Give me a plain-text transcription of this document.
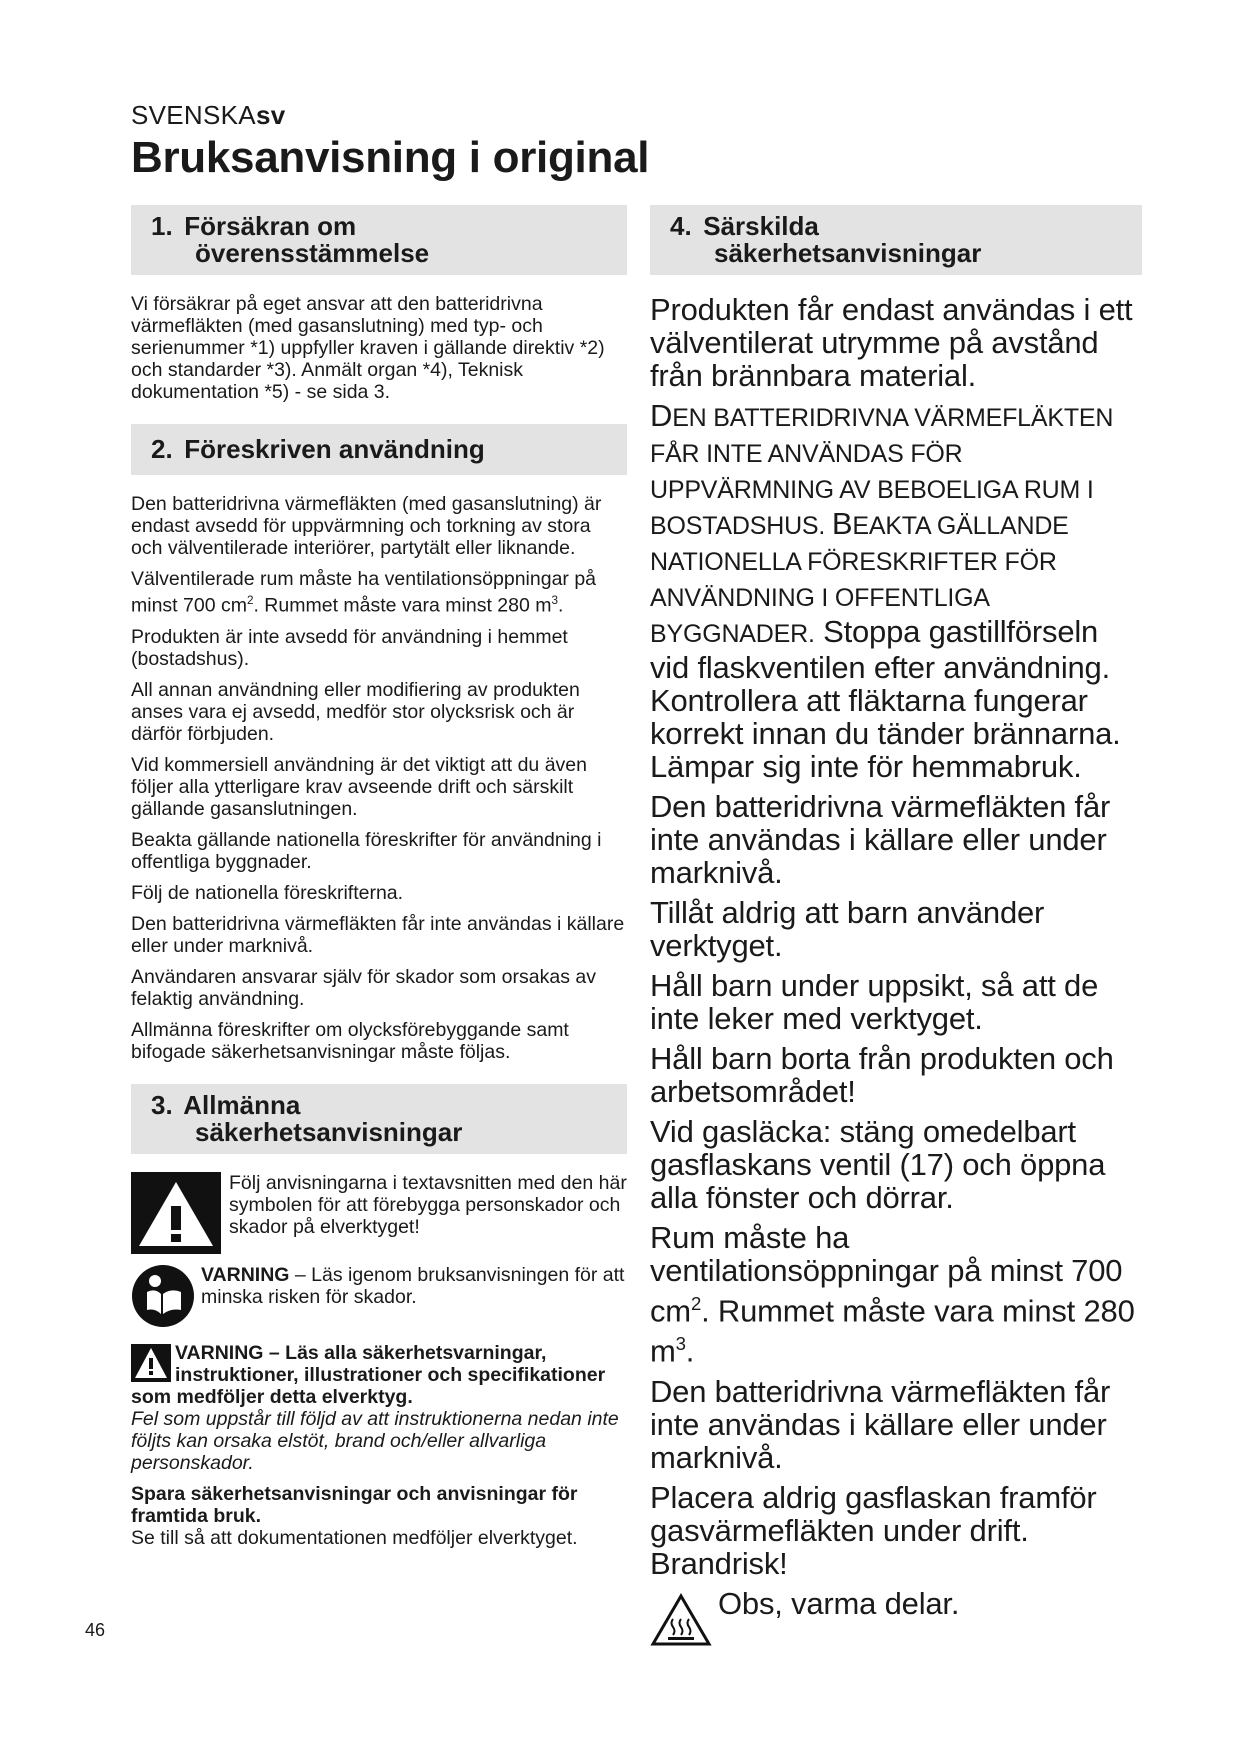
SVENSKAsv
Bruksanvisning i original
1. Försäkran om
överensstämmelse

Vi försäkrar på eget ansvar att den batteridrivna värmefläkten (med gasanslutning) med typ- och serienummer *1) uppfyller kraven i gällande direktiv *2) och standarder *3). Anmält organ *4), Teknisk dokumentation *5) - se sida 3.

2. Föreskriven användning

Den batteridrivna värmefläkten (med gasanslutning) är endast avsedd för uppvärmning och torkning av stora och välventilerade interiörer, partytält eller liknande.

Välventilerade rum måste ha ventilationsöppningar på minst 700 $cm^2$. Rummet måste vara minst 280 $m^3$.

Produkten är inte avsedd för användning i hemmet (bostadshus).

All annan användning eller modifiering av produkten anses vara ej avsedd, medför stor olycksrisk och är därför förbjuden.

Vid kommersiell användning är det viktigt att du även följer alla ytterligare krav avseende drift och särskilt gällande gasanslutningen.

Beakta gällande nationella föreskrifter för användning i offentliga byggnader.

Följ de nationella föreskrifterna.

Den batteridrivna värmefläkten får inte användas i källare eller under marknivå.

Användaren ansvarar själv för skador som orsakas av felaktig användning.

Allmänna föreskrifter om olycksförebyggande samt bifogade säkerhetsanvisningar måste följas.

3. Allmänna
säkerhetsanvisningar
Följ anvisningarna i textavsnitten med den här symbolen för att förebygga personskador och skador på elverktyget!
VARNING – Läs igenom bruksanvisningen för att minska risken för skador.

VARNING – Läs alla säkerhetsvarningar, instruktioner, illustrationer och specifikationer som medföljer detta elverktyg.
Fel som uppstår till följd av att instruktionerna nedan inte följts kan orsaka elstöt, brand och/eller allvarliga personskador.

Spara säkerhetsanvisningar och anvisningar för framtida bruk.
Se till så att dokumentationen medföljer elverktyget.

4. Särskilda
säkerhetsanvisningar

Produkten får endast användas i ett välventilerat utrymme på avstånd från brännbara material.

DEN BATTERIDRIVNA VÄRMEFLÄKTEN FÅR INTE ANVÄNDAS FÖR UPPVÄRMNING AV BEBOELIGA RUM I BOSTADSHUS. BEAKTA GÄLLANDE NATIONELLA FÖRESKRIFTER FÖR ANVÄNDNING I OFFENTLIGA BYGGNADER. Stoppa gastillförseln vid flaskventilen efter användning. Kontrollera att fläktarna fungerar korrekt innan du tänder brännarna. Lämpar sig inte för hemmabruk.

Den batteridrivna värmefläkten får inte användas i källare eller under marknivå.

Tillåt aldrig att barn använder verktyget.

Håll barn under uppsikt, så att de inte leker med verktyget.

Håll barn borta från produkten och arbetsområdet!

Vid gasläcka: stäng omedelbart gasflaskans ventil (17) och öppna alla fönster och dörrar.

Rum måste ha ventilationsöppningar på minst 700 $cm^2$. Rummet måste vara minst 280 $m^3$.

Den batteridrivna värmefläkten får inte användas i källare eller under marknivå.

Placera aldrig gasflaskan framför gasvärmefläkten under drift. Brandrisk!

Obs, varma delar.
46
